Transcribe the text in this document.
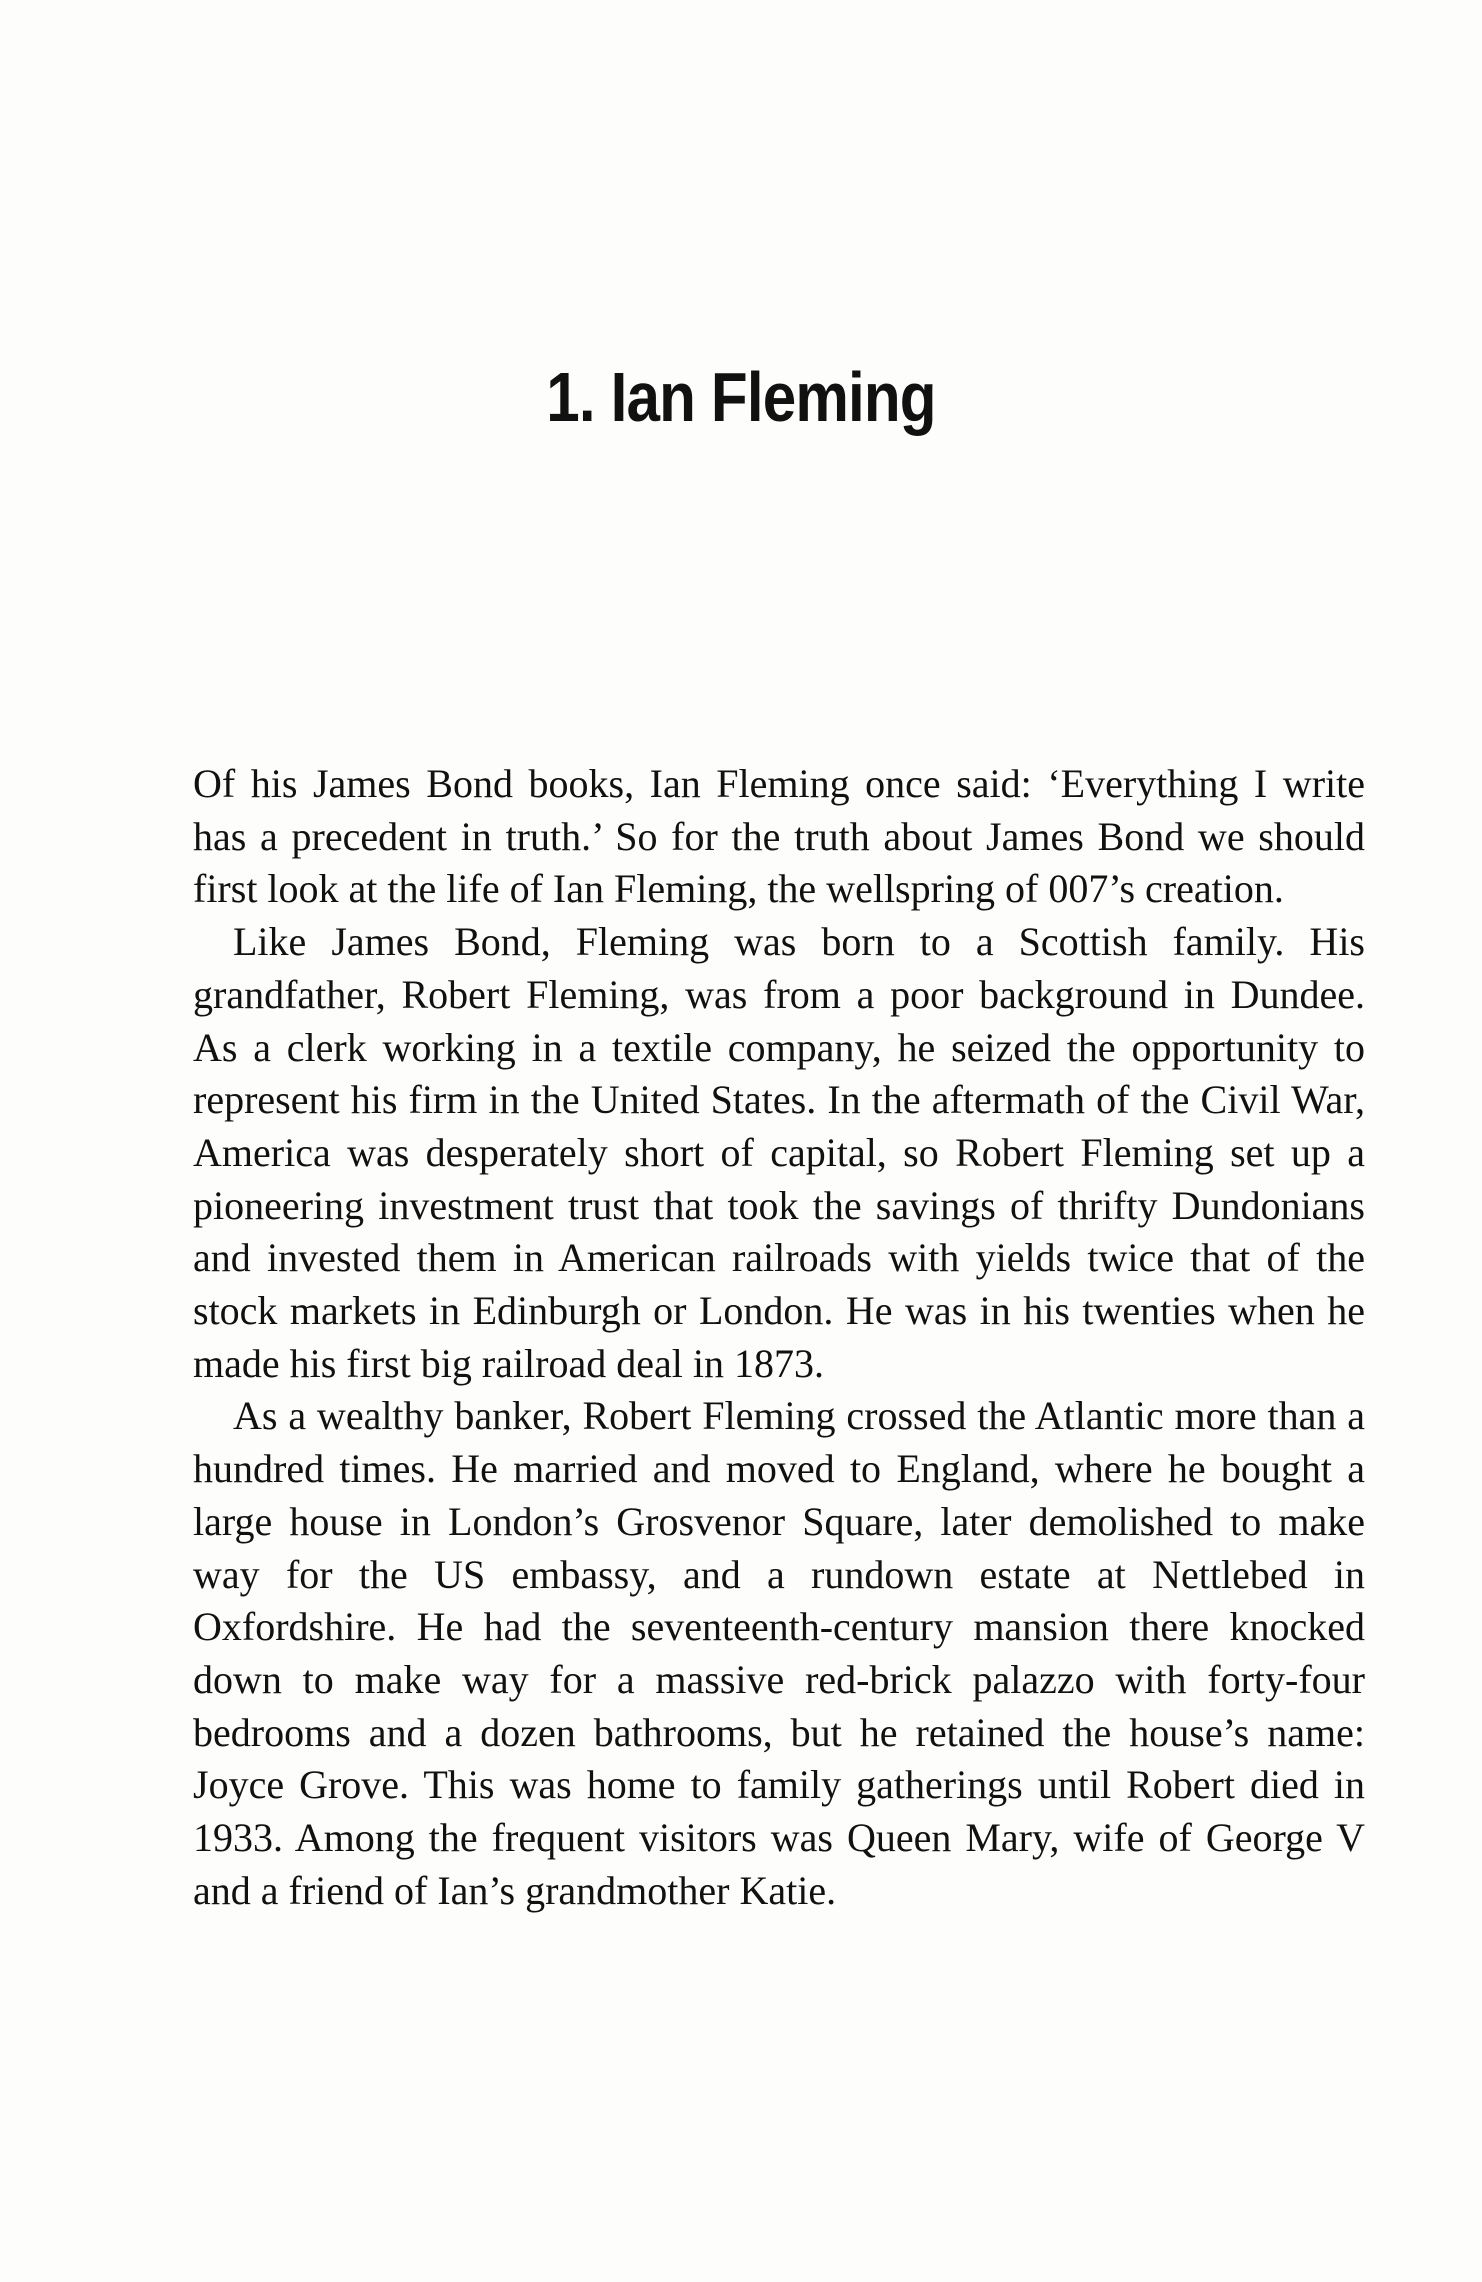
1. Ian Fleming

Of his James Bond books, Ian Fleming once said: ‘Everything I write has a precedent in truth.’ So for the truth about James Bond we should first look at the life of Ian Fleming, the wellspring of 007’s creation.

Like James Bond, Fleming was born to a Scottish family. His grandfather, Robert Fleming, was from a poor background in Dundee. As a clerk working in a textile company, he seized the opportunity to represent his firm in the United States. In the aftermath of the Civil War, America was desperately short of capital, so Robert Fleming set up a pioneering investment trust that took the savings of thrifty Dundonians and invested them in American railroads with yields twice that of the stock markets in Edinburgh or London. He was in his twenties when he made his first big railroad deal in 1873.

As a wealthy banker, Robert Fleming crossed the Atlantic more than a hundred times. He married and moved to England, where he bought a large house in London’s Grosvenor Square, later demolished to make way for the US embassy, and a rundown estate at Nettlebed in Oxfordshire. He had the seventeenth-century mansion there knocked down to make way for a massive red-brick palazzo with forty-four bedrooms and a dozen bathrooms, but he retained the house’s name: Joyce Grove. This was home to family gatherings until Robert died in 1933. Among the frequent visitors was Queen Mary, wife of George V and a friend of Ian’s grandmother Katie.
